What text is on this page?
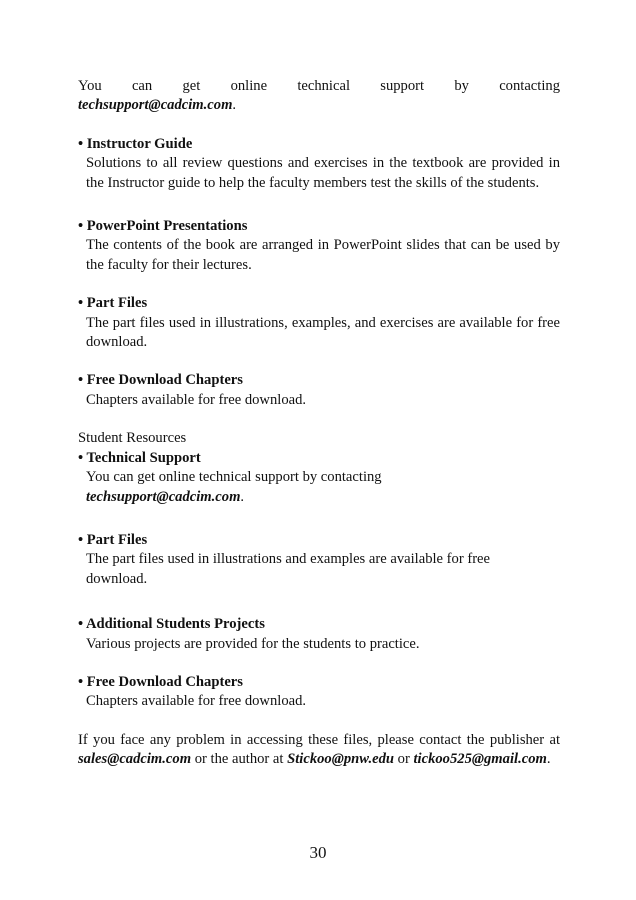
You can get online technical support by contacting

techsupport@cadcim.com.

• Instructor Guide

Solutions to all review questions and exercises in the textbook are provided in the Instructor guide to help the faculty members test the skills of the students.

• PowerPoint Presentations

The contents of the book are arranged in PowerPoint slides that can be used by the faculty for their lectures.

• Part Files

The part files used in illustrations, examples, and exercises are available for free download.

• Free Download Chapters

Chapters available for free download.

Student Resources

• Technical Support

You can get online technical support by contacting

techsupport@cadcim.com.

• Part Files

The part files used in illustrations and examples are available for free

download.

• Additional Students Projects

Various projects are provided for the students to practice.

• Free Download Chapters

Chapters available for free download.

If you face any problem in accessing these files, please contact the publisher at sales@cadcim.com or the author at Stickoo@pnw.edu or tickoo525@gmail.com.

30
